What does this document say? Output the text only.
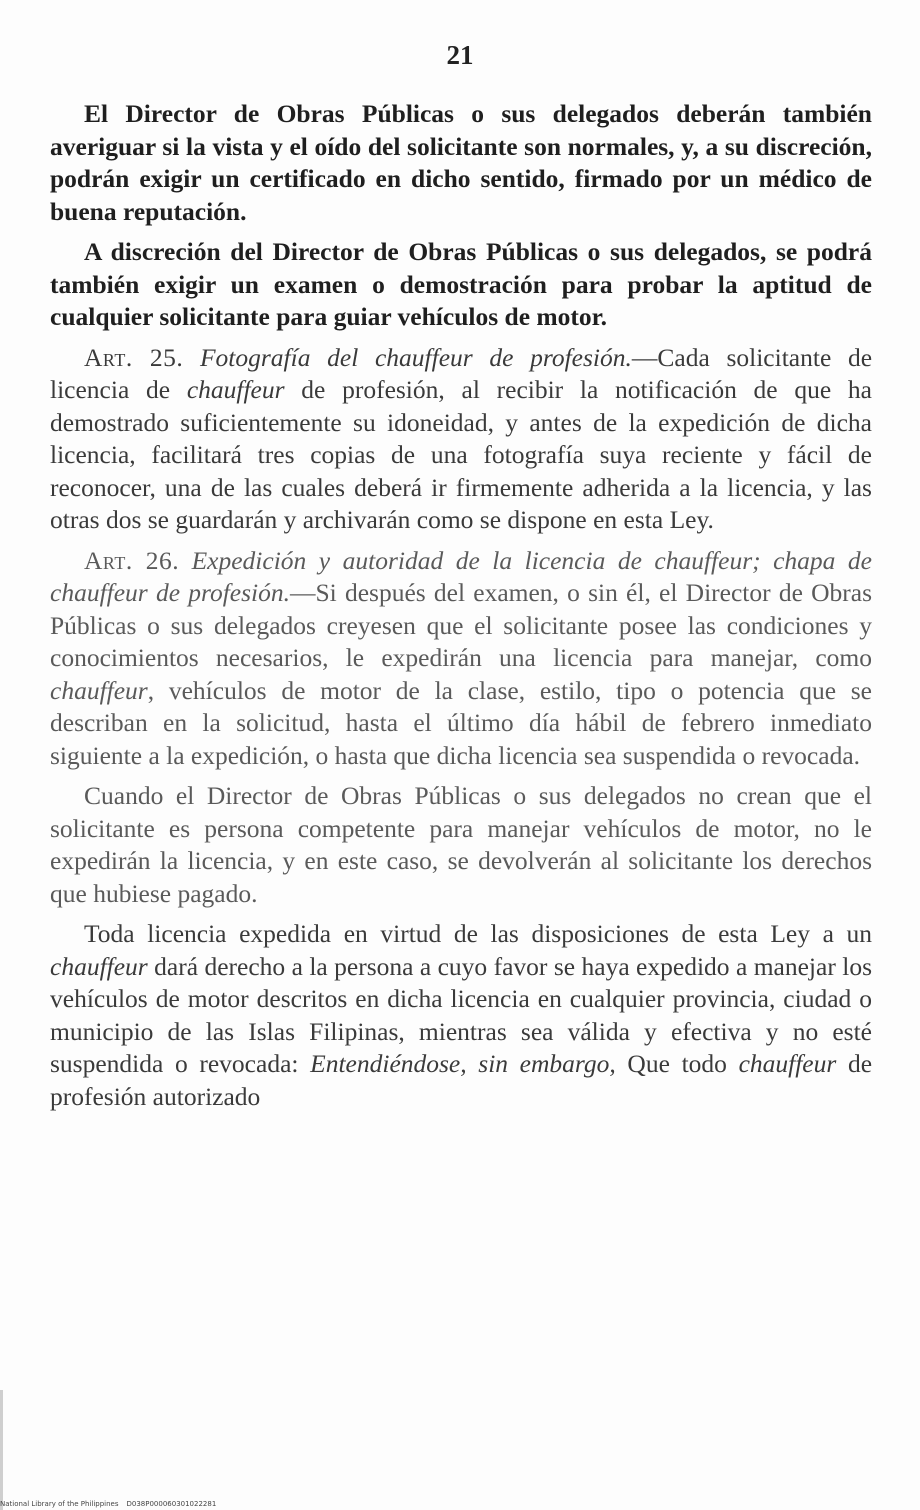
21

El Director de Obras Públicas o sus delegados deberán también averiguar si la vista y el oído del solicitante son normales, y, a su discreción, podrán exigir un certificado en dicho sentido, firmado por un médico de buena reputación.

A discreción del Director de Obras Públicas o sus delegados, se podrá también exigir un examen o demostración para probar la aptitud de cualquier solicitante para guiar vehículos de motor.

Art. 25. Fotografía del chauffeur de profesión.—Cada solicitante de licencia de chauffeur de profesión, al recibir la notificación de que ha demostrado suficientemente su idoneidad, y antes de la expedición de dicha licencia, facilitará tres copias de una fotografía suya reciente y fácil de reconocer, una de las cuales deberá ir firmemente adherida a la licencia, y las otras dos se guardarán y archivarán como se dispone en esta Ley.

Art. 26. Expedición y autoridad de la licencia de chauffeur; chapa de chauffeur de profesión.—Si después del examen, o sin él, el Director de Obras Públicas o sus delegados creyesen que el solicitante posee las condiciones y conocimientos necesarios, le expedirán una licencia para manejar, como chauffeur, vehículos de motor de la clase, estilo, tipo o potencia que se describan en la solicitud, hasta el último día hábil de febrero inmediato siguiente a la expedición, o hasta que dicha licencia sea suspendida o revocada.

Cuando el Director de Obras Públicas o sus delegados no crean que el solicitante es persona competente para manejar vehículos de motor, no le expedirán la licencia, y en este caso, se devolverán al solicitante los derechos que hubiese pagado.

Toda licencia expedida en virtud de las disposiciones de esta Ley a un chauffeur dará derecho a la persona a cuyo favor se haya expedido a manejar los vehículos de motor descritos en dicha licencia en cualquier provincia, ciudad o municipio de las Islas Filipinas, mientras sea válida y efectiva y no esté suspendida o revocada: Entendiéndose, sin embargo, Que todo chauffeur de profesión autorizado

National Library of the Philippines D038P000060301022281
